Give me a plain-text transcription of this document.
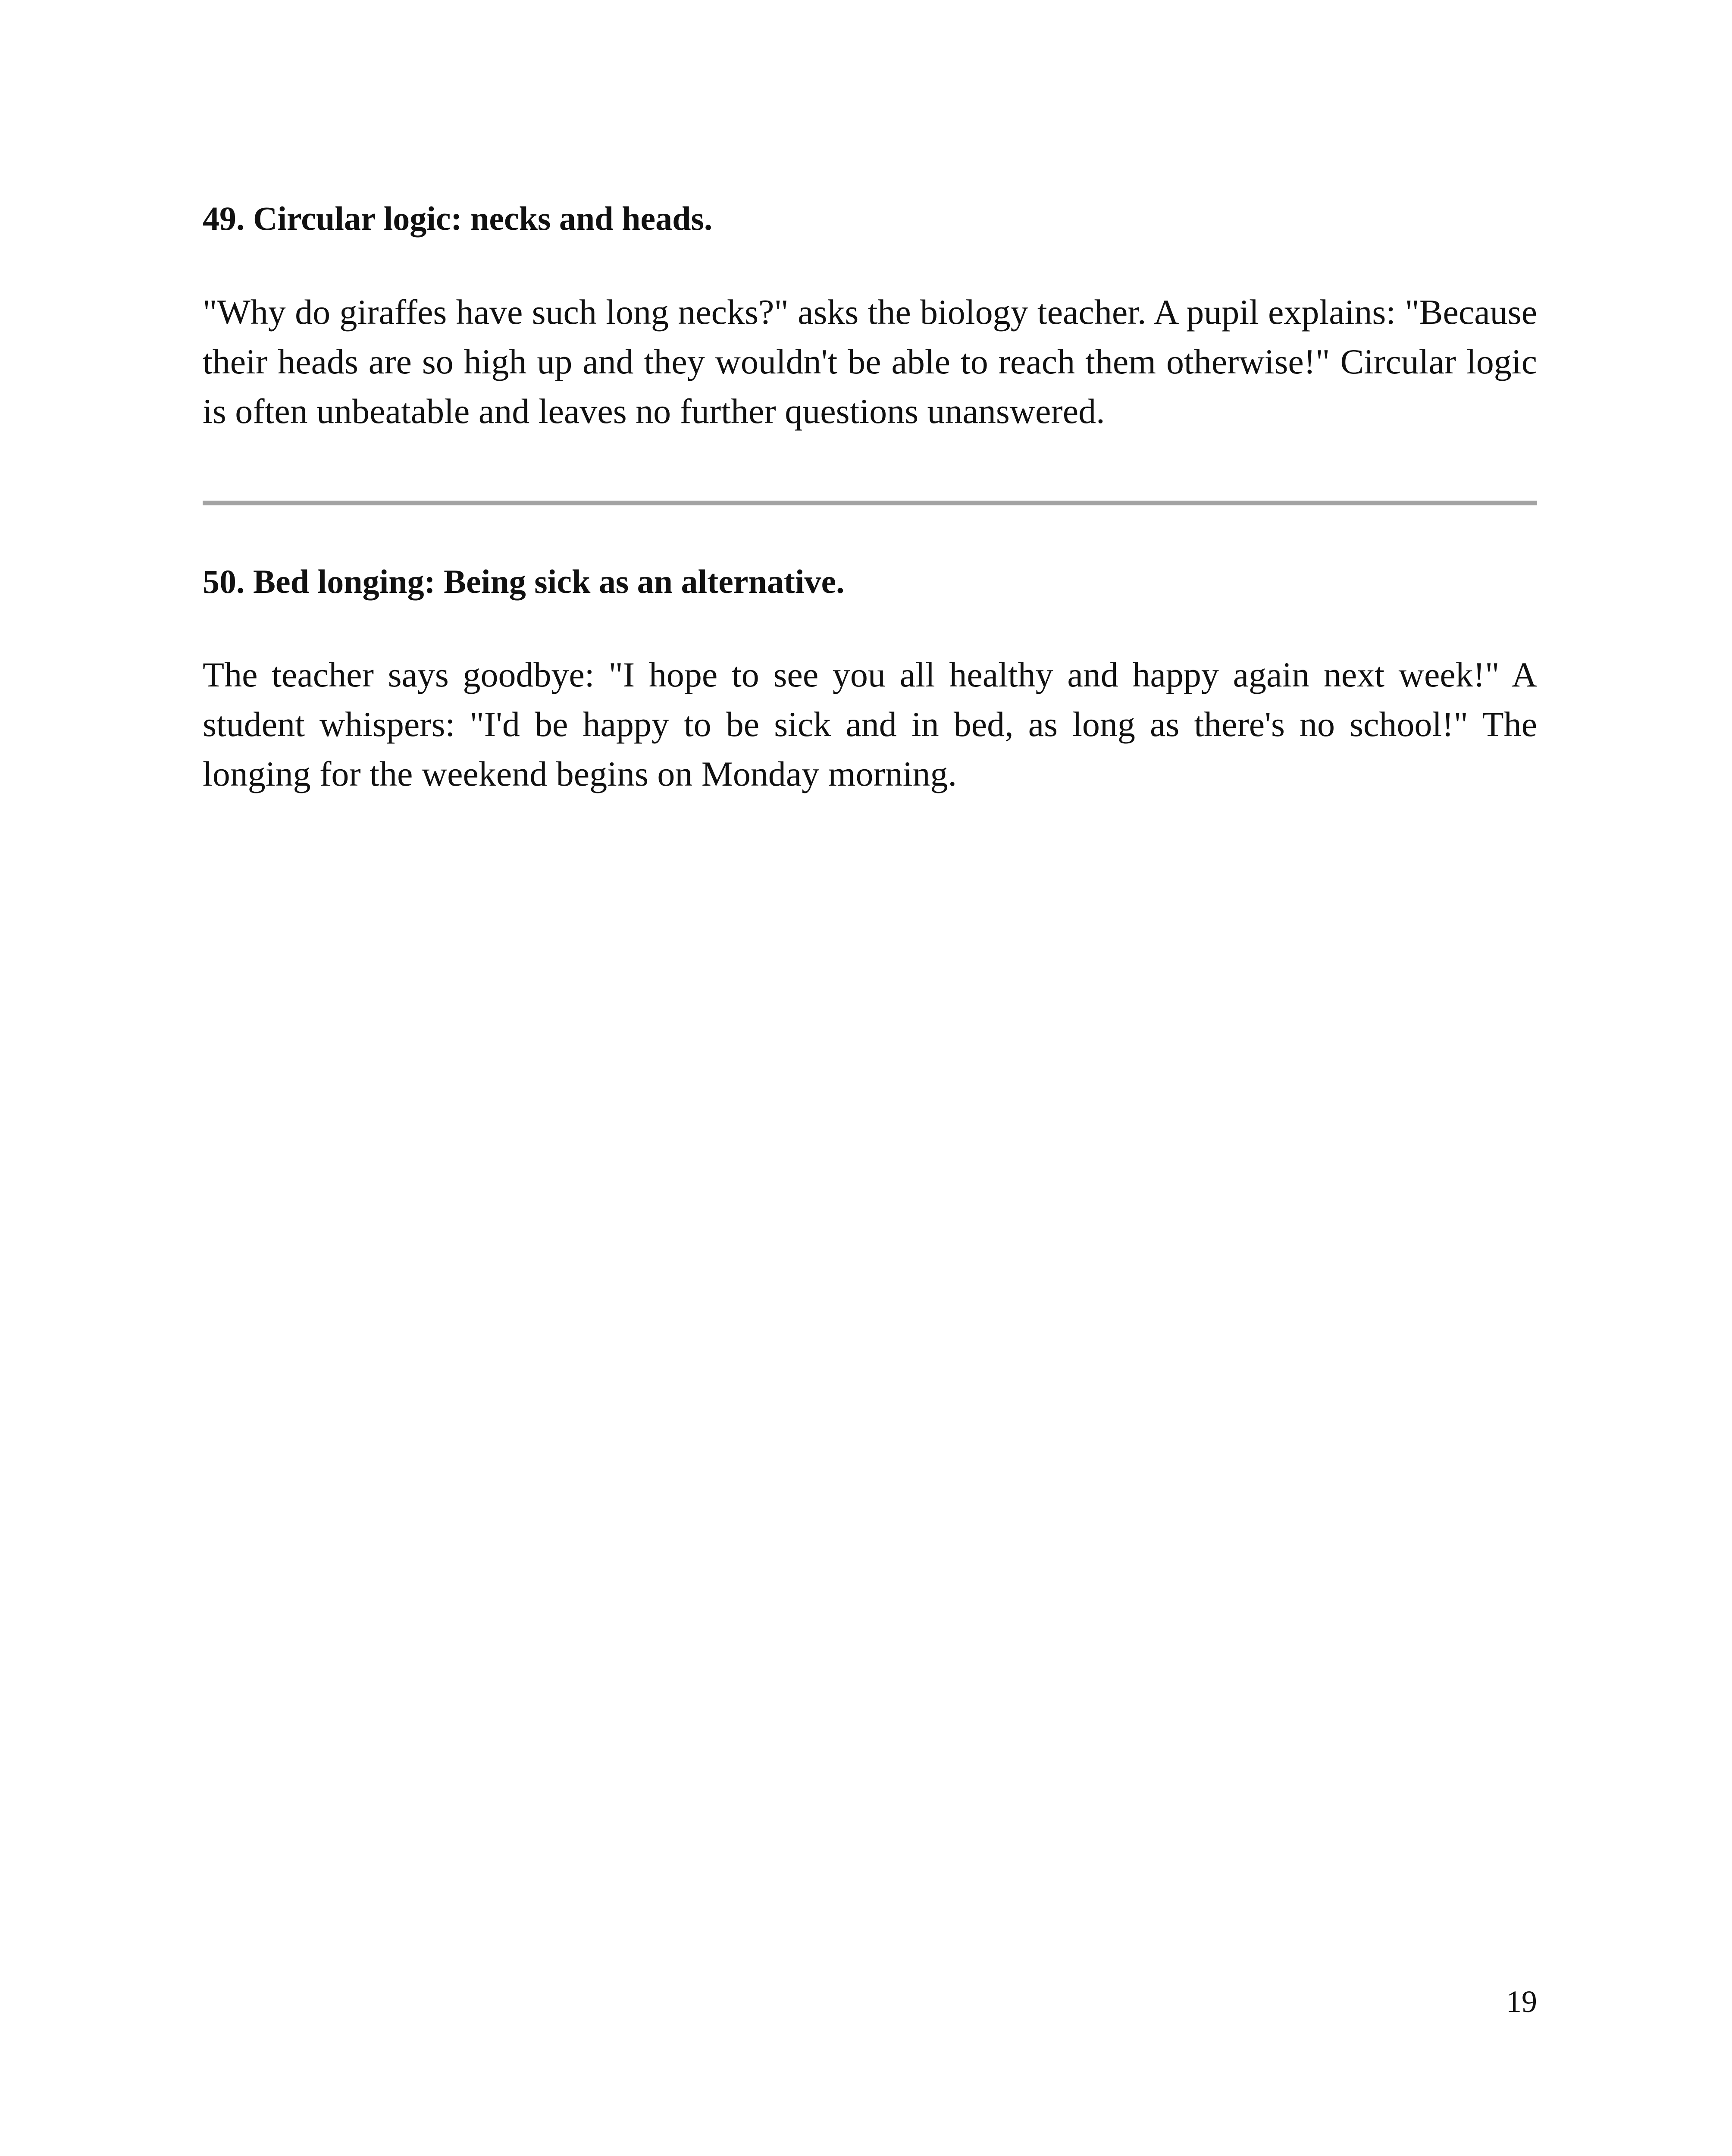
49. Circular logic: necks and heads.

"Why do giraffes have such long necks?" asks the biology teacher. A pupil explains: "Because their heads are so high up and they wouldn't be able to reach them otherwise!" Circular logic is often unbeatable and leaves no further questions unanswered.

50. Bed longing: Being sick as an alternative.

The teacher says goodbye: "I hope to see you all healthy and happy again next week!" A student whispers: "I'd be happy to be sick and in bed, as long as there's no school!" The longing for the weekend begins on Monday morning.

19
